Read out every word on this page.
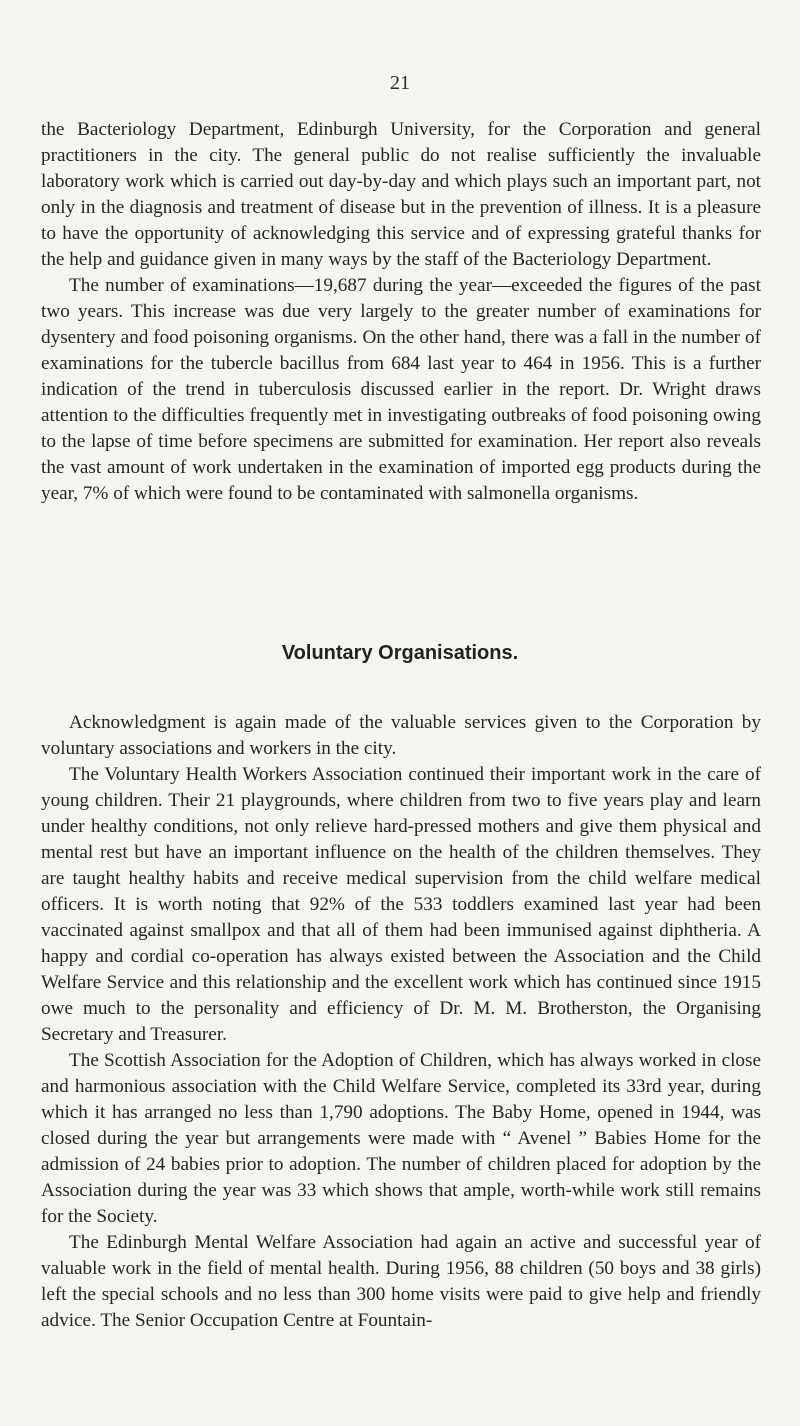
21

the Bacteriology Department, Edinburgh University, for the Corporation and general practitioners in the city. The general public do not realise sufficiently the invaluable laboratory work which is carried out day-by-day and which plays such an important part, not only in the diagnosis and treatment of disease but in the prevention of illness. It is a pleasure to have the opportunity of acknowledging this service and of expressing grateful thanks for the help and guidance given in many ways by the staff of the Bacteriology Department.

The number of examinations—19,687 during the year—exceeded the figures of the past two years. This increase was due very largely to the greater number of examinations for dysentery and food poisoning organisms. On the other hand, there was a fall in the number of examinations for the tubercle bacillus from 684 last year to 464 in 1956. This is a further indication of the trend in tuberculosis discussed earlier in the report. Dr. Wright draws attention to the difficulties frequently met in investigating outbreaks of food poisoning owing to the lapse of time before specimens are submitted for examination. Her report also reveals the vast amount of work undertaken in the examination of imported egg products during the year, 7% of which were found to be contaminated with salmonella organisms.

Voluntary Organisations.

Acknowledgment is again made of the valuable services given to the Corporation by voluntary associations and workers in the city.

The Voluntary Health Workers Association continued their important work in the care of young children. Their 21 playgrounds, where children from two to five years play and learn under healthy conditions, not only relieve hard-pressed mothers and give them physical and mental rest but have an important influence on the health of the children themselves. They are taught healthy habits and receive medical supervision from the child welfare medical officers. It is worth noting that 92% of the 533 toddlers examined last year had been vaccinated against smallpox and that all of them had been immunised against diphtheria. A happy and cordial co-operation has always existed between the Association and the Child Welfare Service and this relationship and the excellent work which has continued since 1915 owe much to the personality and efficiency of Dr. M. M. Brotherston, the Organising Secretary and Treasurer.

The Scottish Association for the Adoption of Children, which has always worked in close and harmonious association with the Child Welfare Service, completed its 33rd year, during which it has arranged no less than 1,790 adoptions. The Baby Home, opened in 1944, was closed during the year but arrangements were made with “ Avenel ” Babies Home for the admission of 24 babies prior to adoption. The number of children placed for adoption by the Association during the year was 33 which shows that ample, worth-while work still remains for the Society.

The Edinburgh Mental Welfare Association had again an active and successful year of valuable work in the field of mental health. During 1956, 88 children (50 boys and 38 girls) left the special schools and no less than 300 home visits were paid to give help and friendly advice. The Senior Occupation Centre at Fountain-
